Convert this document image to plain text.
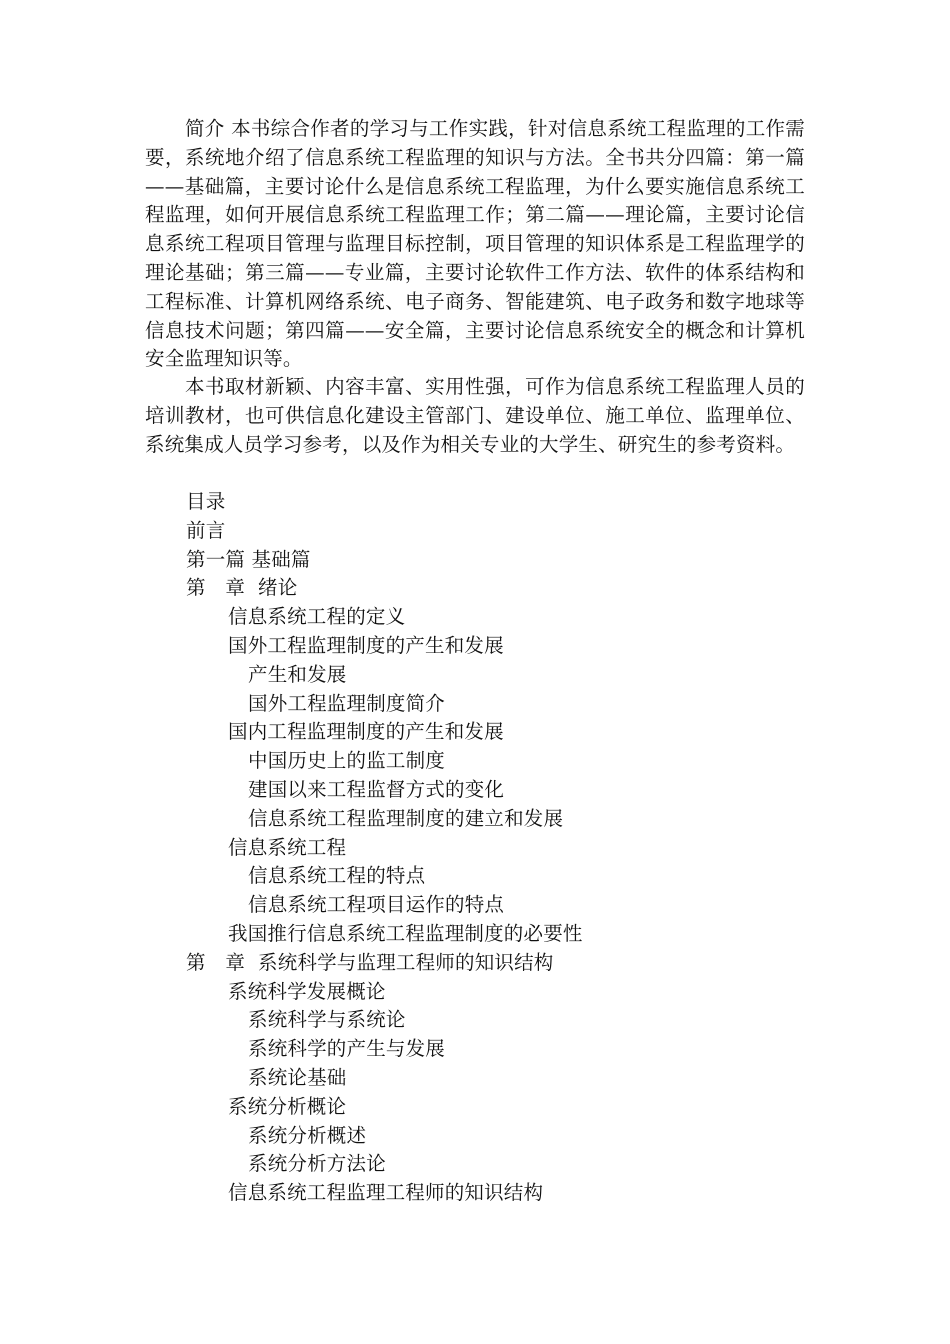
简介 本书综合作者的学习与工作实践，针对信息系统工程监理的工作需要，系统地介绍了信息系统工程监理的知识与方法。全书共分四篇：第一篇——基础篇，主要讨论什么是信息系统工程监理，为什么要实施信息系统工程监理，如何开展信息系统工程监理工作；第二篇——理论篇，主要讨论信息系统工程项目管理与监理目标控制，项目管理的知识体系是工程监理学的理论基础；第三篇——专业篇，主要讨论软件工作方法、软件的体系结构和工程标准、计算机网络系统、电子商务、智能建筑、电子政务和数字地球等信息技术问题；第四篇——安全篇，主要讨论信息系统安全的概念和计算机安全监理知识等。

本书取材新颖、内容丰富、实用性强，可作为信息系统工程监理人员的培训教材，也可供信息化建设主管部门、建设单位、施工单位、监理单位、系统集成人员学习参考，以及作为相关专业的大学生、研究生的参考资料。

目录
前言
第一篇 基础篇
第　章 绪论
信息系统工程的定义
国外工程监理制度的产生和发展
产生和发展
国外工程监理制度简介
国内工程监理制度的产生和发展
中国历史上的监工制度
建国以来工程监督方式的变化
信息系统工程监理制度的建立和发展
信息系统工程
信息系统工程的特点
信息系统工程项目运作的特点
我国推行信息系统工程监理制度的必要性
第　章 系统科学与监理工程师的知识结构
系统科学发展概论
系统科学与系统论
系统科学的产生与发展
系统论基础
系统分析概论
系统分析概述
系统分析方法论
信息系统工程监理工程师的知识结构
